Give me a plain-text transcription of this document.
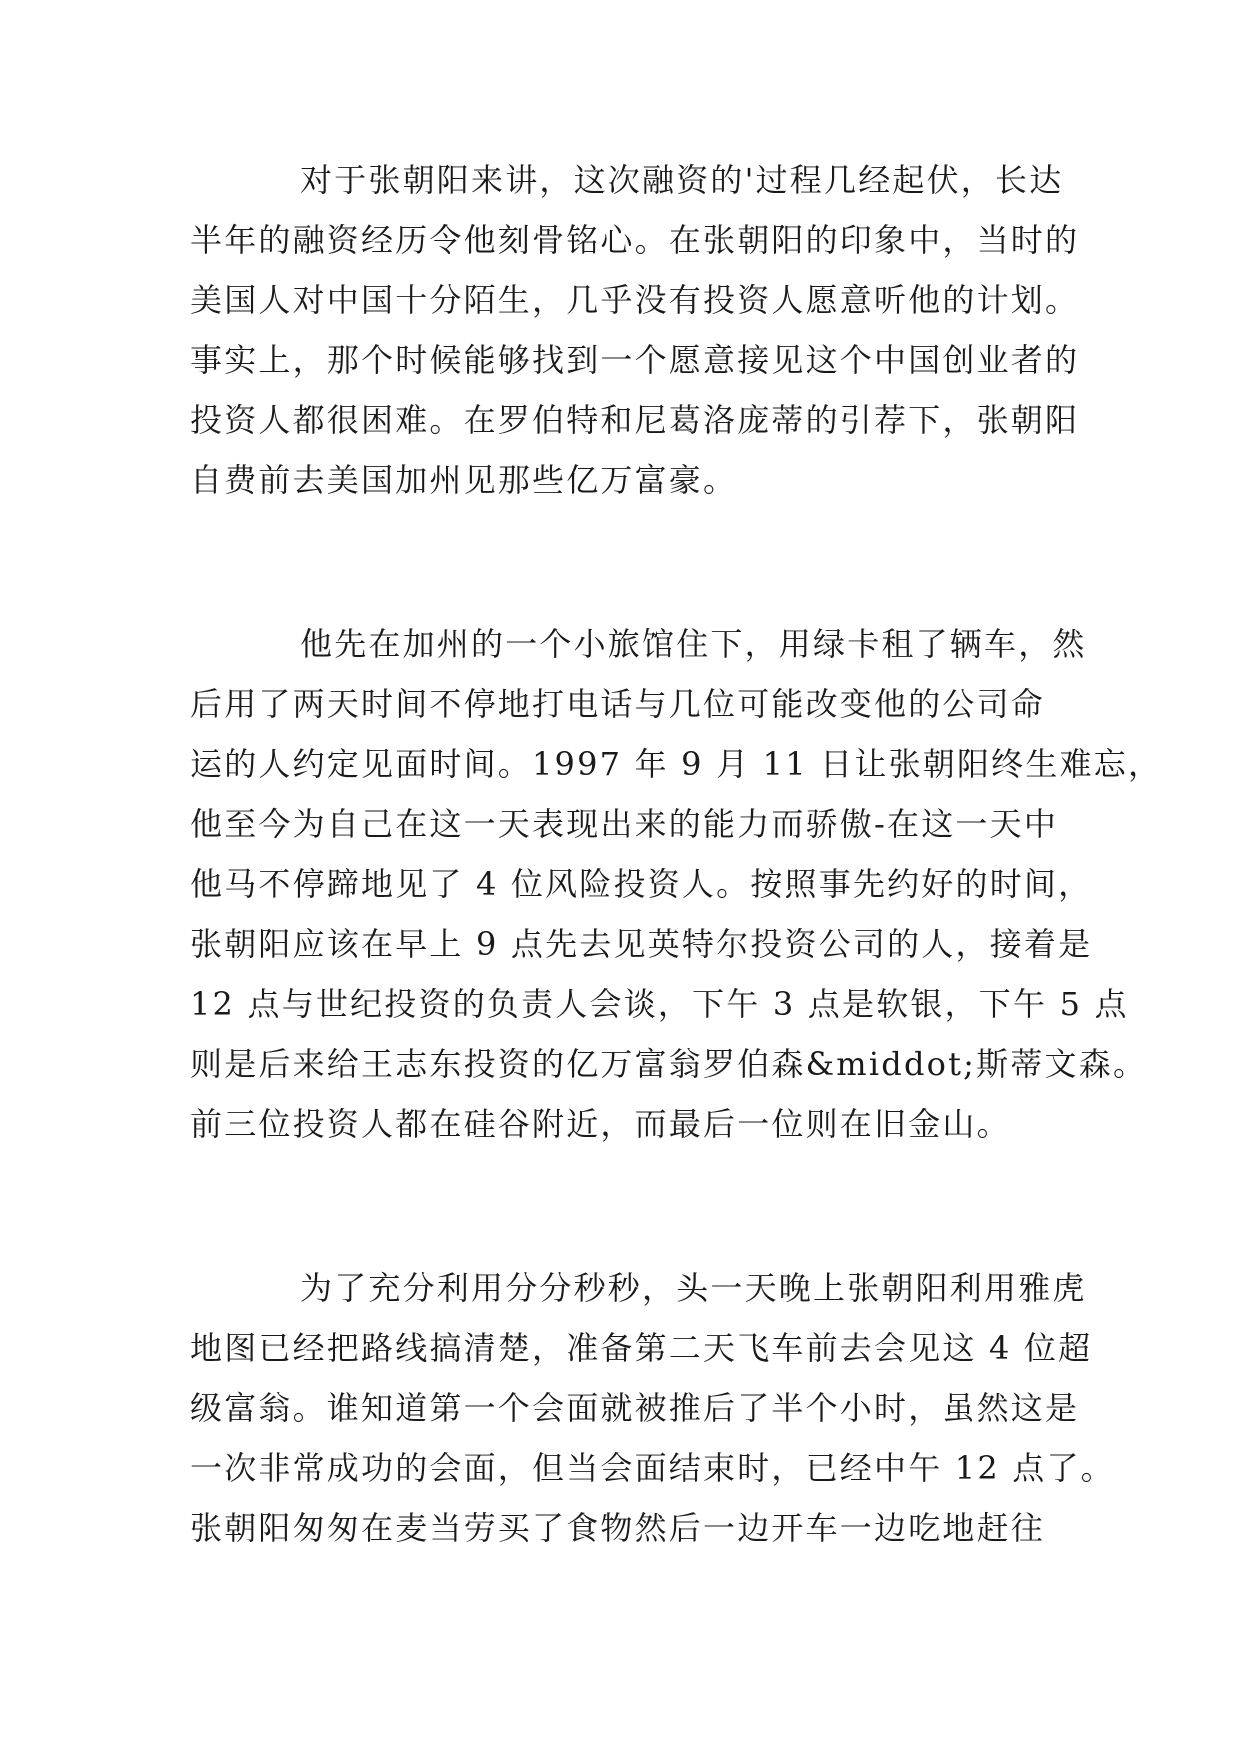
对于张朝阳来讲，这次融资的'过程几经起伏，长达
半年的融资经历令他刻骨铭心。在张朝阳的印象中，当时的
美国人对中国十分陌生，几乎没有投资人愿意听他的计划。
事实上，那个时候能够找到一个愿意接见这个中国创业者的
投资人都很困难。在罗伯特和尼葛洛庞蒂的引荐下，张朝阳
自费前去美国加州见那些亿万富豪。
他先在加州的一个小旅馆住下，用绿卡租了辆车，然
后用了两天时间不停地打电话与几位可能改变他的公司命
运的人约定见面时间。1997 年 9 月 11 日让张朝阳终生难忘，
他至今为自己在这一天表现出来的能力而骄傲-在这一天中
他马不停蹄地见了 4 位风险投资人。按照事先约好的时间，
张朝阳应该在早上 9 点先去见英特尔投资公司的人，接着是
12 点与世纪投资的负责人会谈，下午 3 点是软银，下午 5 点
则是后来给王志东投资的亿万富翁罗伯森&middot;斯蒂文森。
前三位投资人都在硅谷附近，而最后一位则在旧金山。
为了充分利用分分秒秒，头一天晚上张朝阳利用雅虎
地图已经把路线搞清楚，准备第二天飞车前去会见这 4 位超
级富翁。谁知道第一个会面就被推后了半个小时，虽然这是
一次非常成功的会面，但当会面结束时，已经中午 12 点了。
张朝阳匆匆在麦当劳买了食物然后一边开车一边吃地赶往
